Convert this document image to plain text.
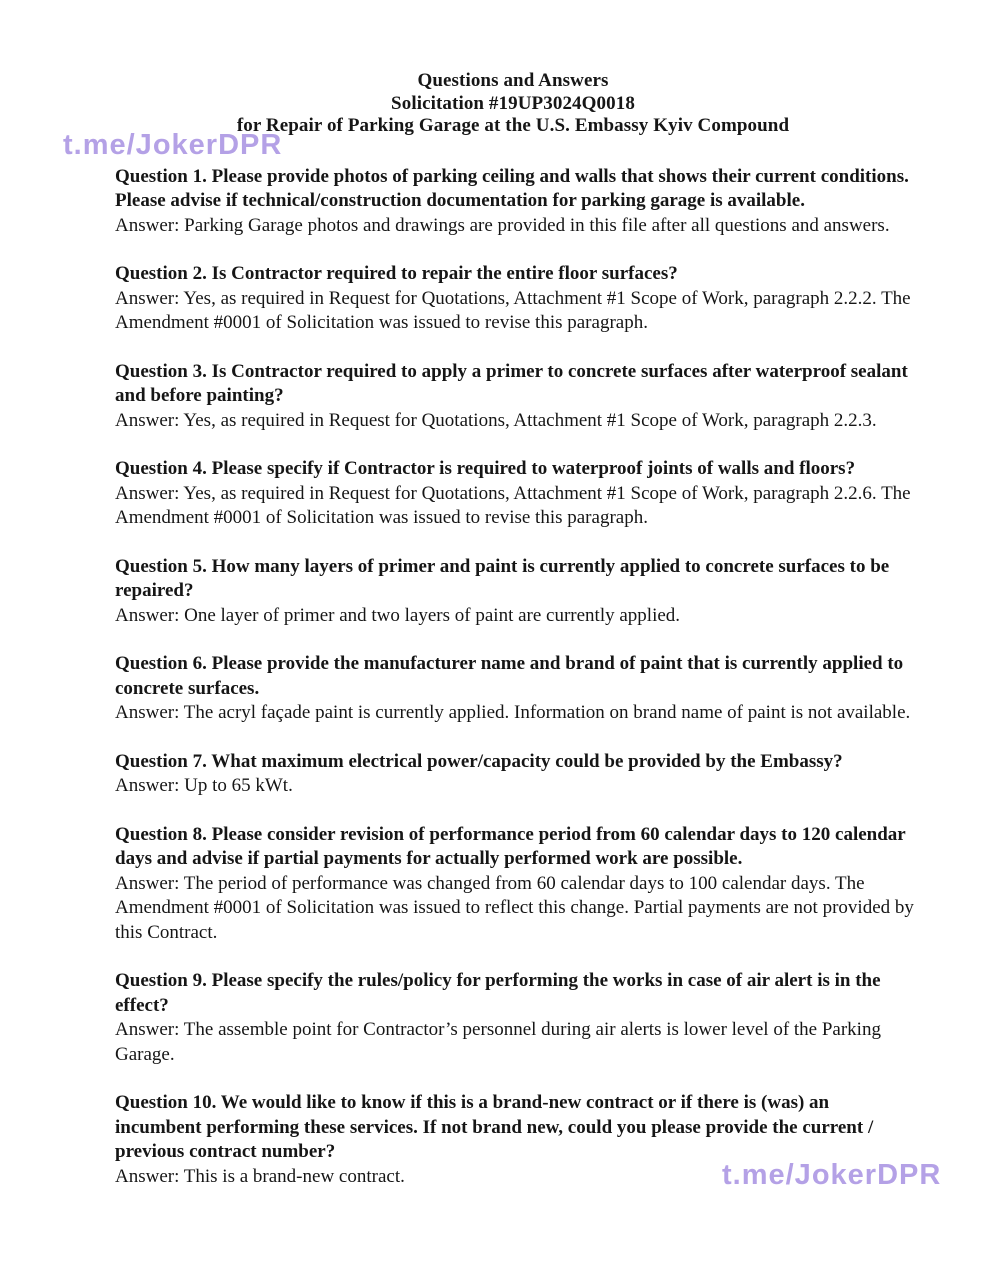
Questions and Answers
Solicitation #19UP3024Q0018
for Repair of Parking Garage at the U.S. Embassy Kyiv Compound
t.me/JokerDPR

Question 1. Please provide photos of parking ceiling and walls that shows their current conditions. Please advise if technical/construction documentation for parking garage is available.

Answer: Parking Garage photos and drawings are provided in this file after all questions and answers.

Question 2. Is Contractor required to repair the entire floor surfaces?

Answer: Yes, as required in Request for Quotations, Attachment #1 Scope of Work, paragraph 2.2.2. The Amendment #0001 of Solicitation was issued to revise this paragraph.

Question 3. Is Contractor required to apply a primer to concrete surfaces after waterproof sealant and before painting?

Answer: Yes, as required in Request for Quotations, Attachment #1 Scope of Work, paragraph 2.2.3.

Question 4. Please specify if Contractor is required to waterproof joints of walls and floors?

Answer: Yes, as required in Request for Quotations, Attachment #1 Scope of Work, paragraph 2.2.6. The Amendment #0001 of Solicitation was issued to revise this paragraph.

Question 5. How many layers of primer and paint is currently applied to concrete surfaces to be repaired?

Answer: One layer of primer and two layers of paint are currently applied.

Question 6. Please provide the manufacturer name and brand of paint that is currently applied to concrete surfaces.

Answer: The acryl façade paint is currently applied. Information on brand name of paint is not available.

Question 7. What maximum electrical power/capacity could be provided by the Embassy?

Answer: Up to 65 kWt.

Question 8. Please consider revision of performance period from 60 calendar days to 120 calendar days and advise if partial payments for actually performed work are possible.

Answer: The period of performance was changed from 60 calendar days to 100 calendar days. The Amendment #0001 of Solicitation was issued to reflect this change. Partial payments are not provided by this Contract.

Question 9. Please specify the rules/policy for performing the works in case of air alert is in the effect?

Answer: The assemble point for Contractor’s personnel during air alerts is lower level of the Parking Garage.

Question 10. We would like to know if this is a brand-new contract or if there is (was) an incumbent performing these services. If not brand new, could you please provide the current / previous contract number?

Answer: This is a brand-new contract.	t.me/JokerDPR
